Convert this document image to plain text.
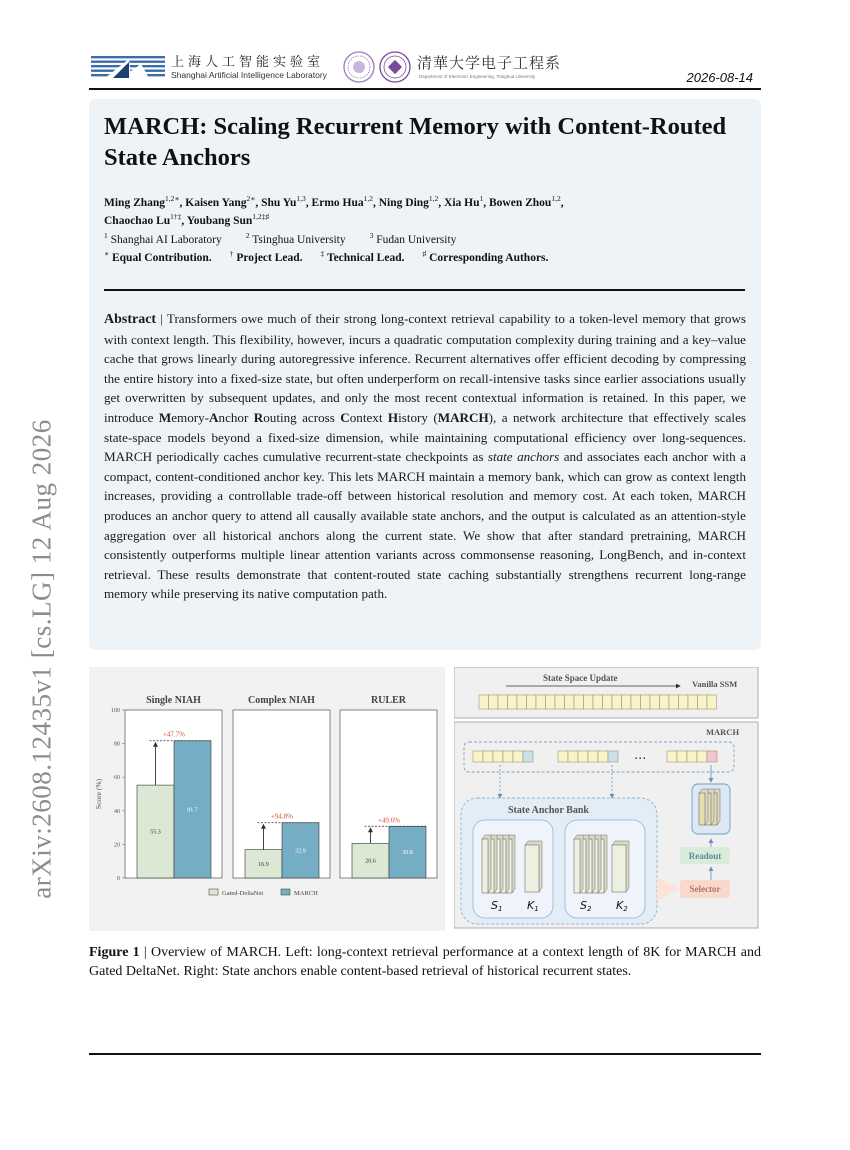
arXiv:2608.12435v1 [cs.LG] 12 Aug 2026
上海人工智能实验室
Shanghai Artificial Intelligence Laboratory
清華大学电子工程系
Department of Electronic Engineering, Tsinghua University	2026-08-14
MARCH: Scaling Recurrent Memory with Content-Routed State Anchors
Ming Zhang$^{1,2∗}$, Kaisen Yang$^{2∗}$, Shu Yu$^{1,3}$, Ermo Hua$^{1,2}$, Ning Ding$^{1,2}$, Xia Hu$^1$, Bowen Zhou$^{1,2}$,
Chaochao $Lu^{1\dagger\ddagger}$, Youbang Sun$^{1,2\ddagger♯}$
$^1$ Shanghai AI Laboratory	$^2$ Tsinghua University	$^3$ Fudan University
∗ Equal Contribution. † Project Lead. ‡ Technical Lead. ♯ Corresponding Authors.
Abstract | Transformers owe much of their strong long-context retrieval capability to a token-level memory that grows with context length. This flexibility, however, incurs a quadratic computation complexity during training and a key–value cache that grows linearly during autoregressive inference. Recurrent alternatives offer efficient decoding by compressing the entire history into a fixed-size state, but often underperform on recall-intensive tasks since earlier associations usually get overwritten by subsequent updates, and only the most recent contextual information is retained. In this paper, we introduce Memory-Anchor Routing across Context History (MARCH), a network architecture that effectively scales state-space models beyond a fixed-size dimension, while maintaining computational efficiency over long-sequences. MARCH periodically caches cumulative recurrent-state checkpoints as state anchors and associates each anchor with a compact, content-conditioned anchor key. This lets MARCH maintain a memory bank, which can grow as context length increases, providing a controllable trade-off between historical resolution and memory cost. At each token, MARCH produces an anchor query to attend all causally available state anchors, and the output is calculated as an attention-style aggregation over all historical anchors along the current state. We show that after standard pretraining, MARCH consistently outperforms multiple linear attention variants across commonsense reasoning, LongBench, and in-context retrieval. These results demonstrate that content-routed state caching substantially strengthens recurrent long-range memory while preserving its native computation path.
Score (%)
0
20
40
60
80
100
Single NIAH
55.3
81.7
+47.7%
Complex NIAH
16.9
32.9
+94.8%
RULER
20.6
30.8
+49.6%
Gated-DeltaNet	MARCH
State Space Update
Vanilla SSM
MARCH
···
State Anchor Bank
S1 K1	S2 K2
Readout
Selector
Figure 1 | Overview of MARCH. Left: long-context retrieval performance at a context length of 8K for MARCH and Gated DeltaNet. Right: State anchors enable content-based retrieval of historical recurrent states.
